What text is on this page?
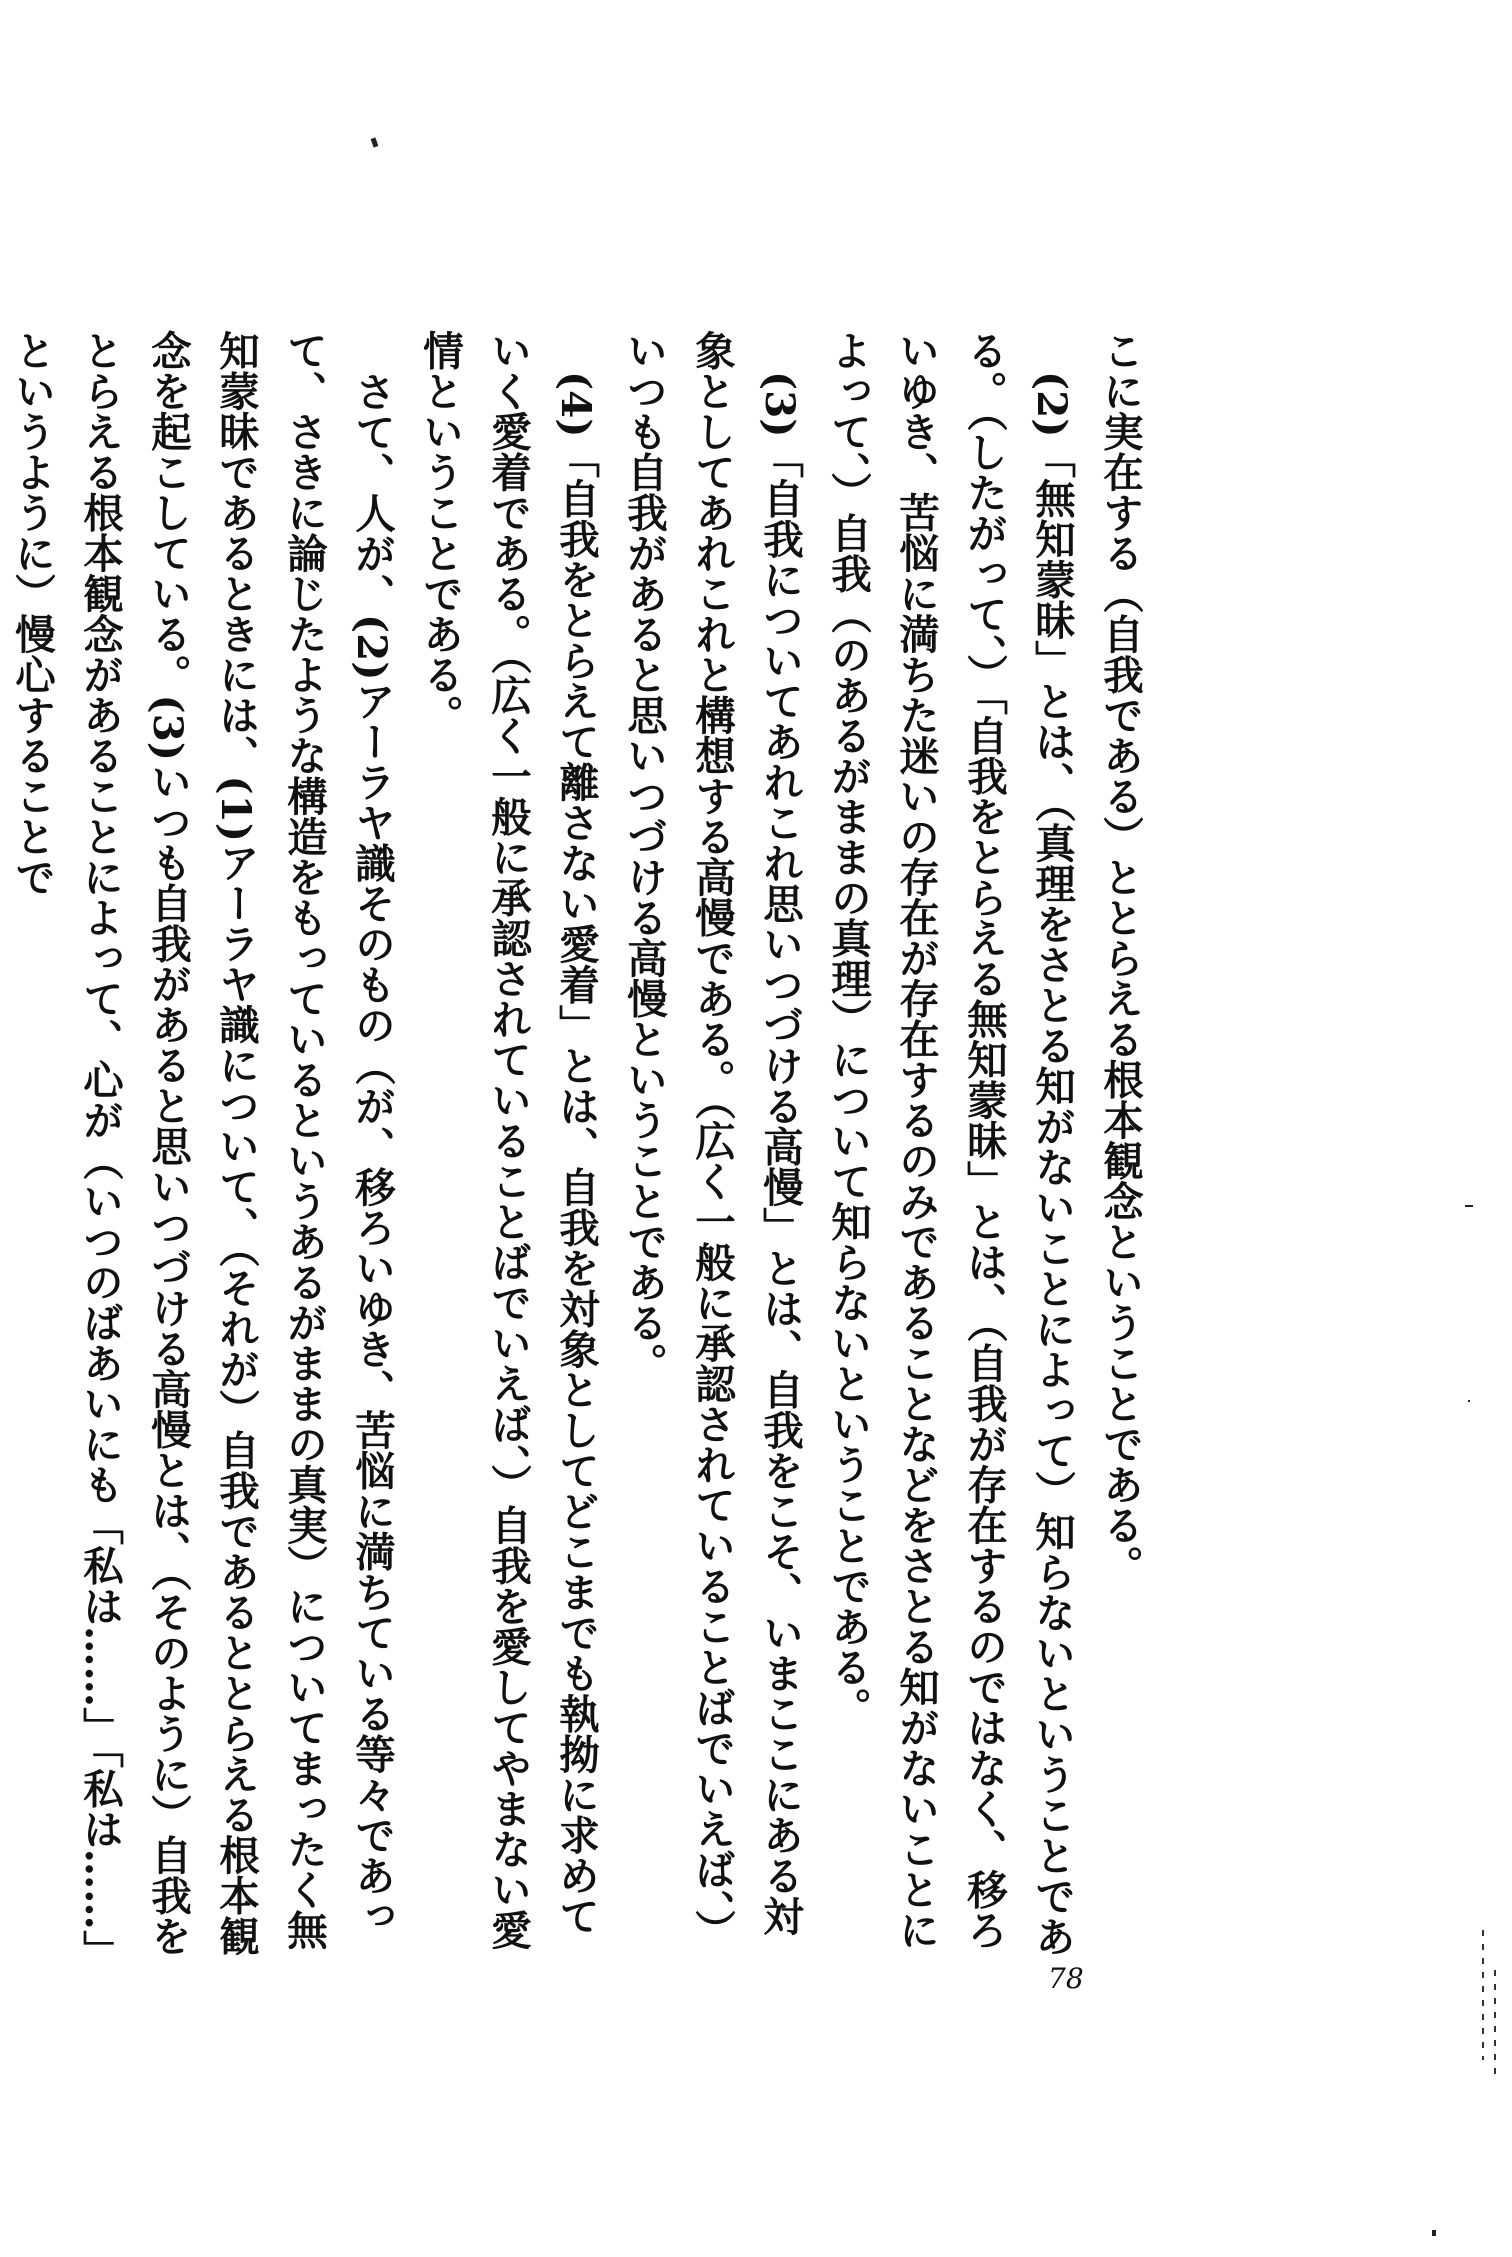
こに実在する（自我である）ととらえる根本観念ということである。

(2)「無知蒙昧」とは、（真理をさとる知がないことによって）知らないということである。（したがって、）「自我をとらえる無知蒙昧」とは、（自我が存在するのではなく、移ろいゆき、苦悩に満ちた迷いの存在が存在するのみであることなどをさとる知がないことによって、）自我（のあるがままの真理）について知らないということである。

(3)「自我についてあれこれ思いつづける高慢」とは、自我をこそ、いまここにある対象としてあれこれと構想する高慢である。（広く一般に承認されていることばでいえば、）いつも自我があると思いつづける高慢ということである。

(4)「自我をとらえて離さない愛着」とは、自我を対象としてどこまでも執拗に求めていく愛着である。（広く一般に承認されていることばでいえば、）自我を愛してやまない愛情ということである。

さて、人が、(2)アーラヤ識そのもの（が、移ろいゆき、苦悩に満ちている等々であって、さきに論じたような構造をもっているというあるがままの真実）についてまったく無知蒙昧であるときには、(1)アーラヤ識について、（それが）自我であるととらえる根本観念を起こしている。(3)いつも自我があると思いつづける高慢とは、（そのように）自我をとらえる根本観念があることによって、心が（いつのばあいにも「私は……」「私は……」というように）慢心することで

78
